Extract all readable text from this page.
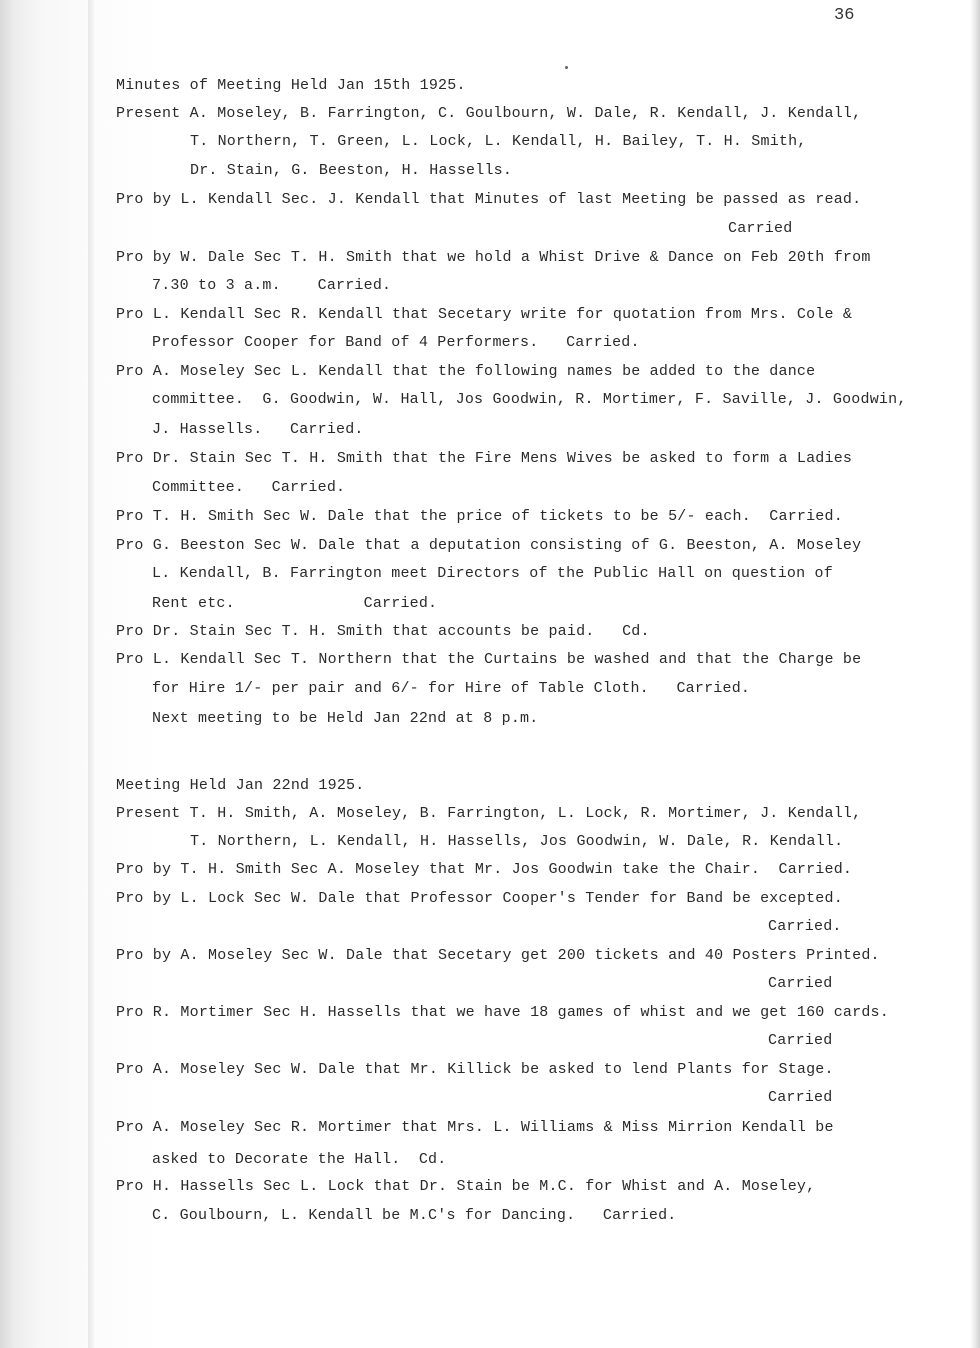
36
Minutes of Meeting Held Jan 15th 1925.
Present A. Moseley, B. Farrington, C. Goulbourn, W. Dale, R. Kendall, J. Kendall,
T. Northern, T. Green, L. Lock, L. Kendall, H. Bailey, T. H. Smith,
Dr. Stain, G. Beeston, H. Hassells.
Pro by L. Kendall Sec. J. Kendall that Minutes of last Meeting be passed as read.
Carried
Pro by W. Dale Sec T. H. Smith that we hold a Whist Drive & Dance on Feb 20th from
7.30 to 3 a.m.    Carried.
Pro L. Kendall Sec R. Kendall that Secetary write for quotation from Mrs. Cole &
Professor Cooper for Band of 4 Performers.   Carried.
Pro A. Moseley Sec L. Kendall that the following names be added to the dance
committee.  G. Goodwin, W. Hall, Jos Goodwin, R. Mortimer, F. Saville, J. Goodwin,
J. Hassells.   Carried.
Pro Dr. Stain Sec T. H. Smith that the Fire Mens Wives be asked to form a Ladies
Committee.   Carried.
Pro T. H. Smith Sec W. Dale that the price of tickets to be 5/- each.  Carried.
Pro G. Beeston Sec W. Dale that a deputation consisting of G. Beeston, A. Moseley
L. Kendall, B. Farrington meet Directors of the Public Hall on question of
Rent etc.              Carried.
Pro Dr. Stain Sec T. H. Smith that accounts be paid.   Cd.
Pro L. Kendall Sec T. Northern that the Curtains be washed and that the Charge be
for Hire 1/- per pair and 6/- for Hire of Table Cloth.   Carried.
Next meeting to be Held Jan 22nd at 8 p.m.
Meeting Held Jan 22nd 1925.
Present T. H. Smith, A. Moseley, B. Farrington, L. Lock, R. Mortimer, J. Kendall,
T. Northern, L. Kendall, H. Hassells, Jos Goodwin, W. Dale, R. Kendall.
Pro by T. H. Smith Sec A. Moseley that Mr. Jos Goodwin take the Chair.  Carried.
Pro by L. Lock Sec W. Dale that Professor Cooper's Tender for Band be excepted.
Carried.
Pro by A. Moseley Sec W. Dale that Secetary get 200 tickets and 40 Posters Printed.
Carried
Pro R. Mortimer Sec H. Hassells that we have 18 games of whist and we get 160 cards.
Carried
Pro A. Moseley Sec W. Dale that Mr. Killick be asked to lend Plants for Stage.
Carried
Pro A. Moseley Sec R. Mortimer that Mrs. L. Williams & Miss Mirrion Kendall be
asked to Decorate the Hall.  Cd.
Pro H. Hassells Sec L. Lock that Dr. Stain be M.C. for Whist and A. Moseley,
C. Goulbourn, L. Kendall be M.C's for Dancing.   Carried.
